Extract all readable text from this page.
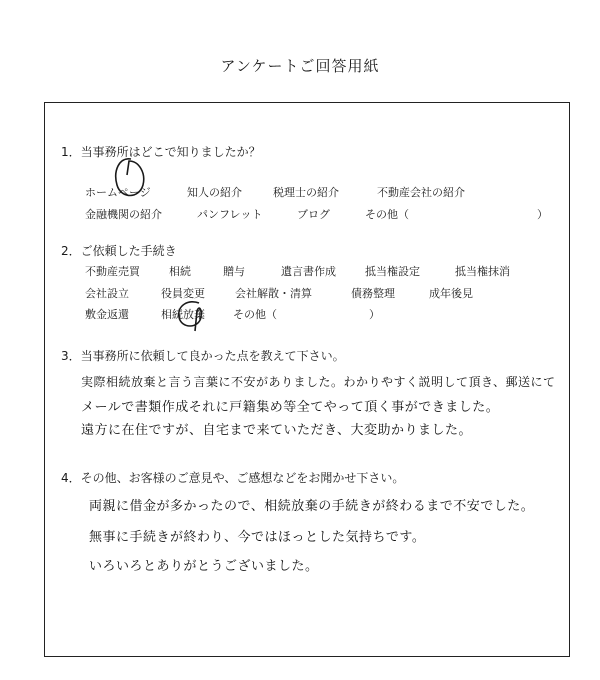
アンケートご回答用紙
1．当事務所はどこで知りましたか？
ホームページ	知人の紹介	税理士の紹介	不動産会社の紹介
金融機関の紹介	パンフレット	ブログ	その他（	）
2．ご依頼した手続き
不動産売買	相続	贈与	遺言書作成	抵当権設定	抵当権抹消
会社設立	役員変更	会社解散・清算	債務整理	成年後見
敷金返還	相続放棄	その他（	）
3．当事務所に依頼して良かった点を教えて下さい。
実際相続放棄と言う言葉に不安がありました。わかりやすく説明して頂き、郵送にて
メールで書類作成それに戸籍集め等全てやって頂く事ができました。
遠方に在住ですが、自宅まで来ていただき、大変助かりました。
4．その他、お客様のご意見や、ご感想などをお聞かせ下さい。
両親に借金が多かったので、相続放棄の手続きが終わるまで不安でした。
無事に手続きが終わり、今ではほっとした気持ちです。
いろいろとありがとうございました。
